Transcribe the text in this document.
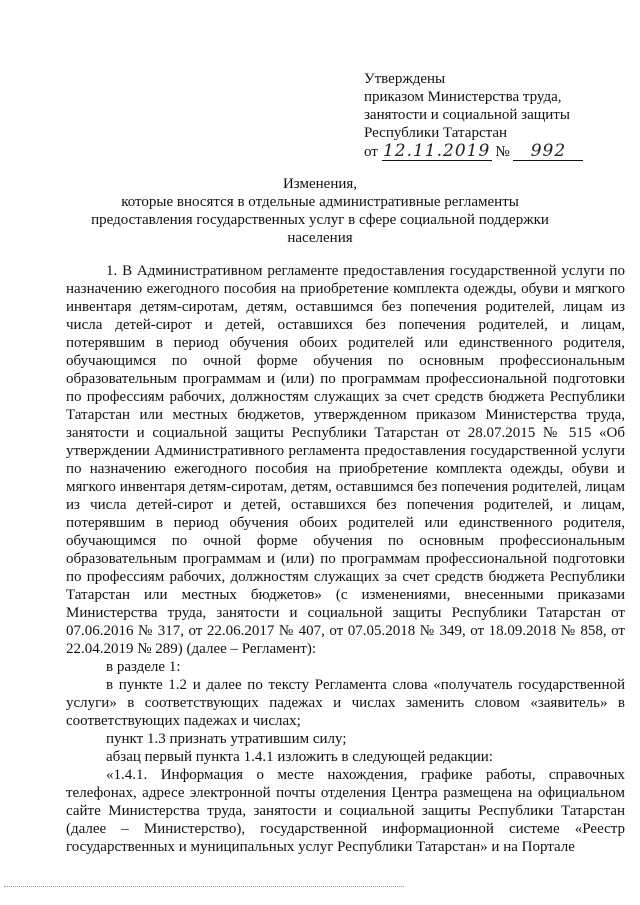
Утверждены
приказом Министерства труда,
занятости и социальной защиты
Республики Татарстан
от 12.11.2019 № 992
Изменения,
которые вносятся в отдельные административные регламенты
предоставления государственных услуг в сфере социальной поддержки
населения

1. В Административном регламенте предоставления государственной услуги по назначению ежегодного пособия на приобретение комплекта одежды, обуви и мягкого инвентаря детям-сиротам, детям, оставшимся без попечения родителей, лицам из числа детей-сирот и детей, оставшихся без попечения родителей, и лицам, потерявшим в период обучения обоих родителей или единственного родителя, обучающимся по очной форме обучения по основным профессиональным образовательным программам и (или) по программам профессиональной подготовки по профессиям рабочих, должностям служащих за счет средств бюджета Республики Татарстан или местных бюджетов, утвержденном приказом Министерства труда, занятости и социальной защиты Республики Татарстан от 28.07.2015 № 515 «Об утверждении Административного регламента предоставления государственной услуги по назначению ежегодного пособия на приобретение комплекта одежды, обуви и мягкого инвентаря детям-сиротам, детям, оставшимся без попечения родителей, лицам из числа детей-сирот и детей, оставшихся без попечения родителей, и лицам, потерявшим в период обучения обоих родителей или единственного родителя, обучающимся по очной форме обучения по основным профессиональным образовательным программам и (или) по программам профессиональной подготовки по профессиям рабочих, должностям служащих за счет средств бюджета Республики Татарстан или местных бюджетов» (с изменениями, внесенными приказами Министерства труда, занятости и социальной защиты Республики Татарстан от 07.06.2016 № 317, от 22.06.2017 № 407, от 07.05.2018 № 349, от 18.09.2018 № 858, от 22.04.2019 № 289) (далее – Регламент):

в разделе 1:

в пункте 1.2 и далее по тексту Регламента слова «получатель государственной услуги» в соответствующих падежах и числах заменить словом «заявитель» в соответствующих падежах и числах;

пункт 1.3 признать утратившим силу;

абзац первый пункта 1.4.1 изложить в следующей редакции:

«1.4.1. Информация о месте нахождения, графике работы, справочных телефонах, адресе электронной почты отделения Центра размещена на официальном сайте Министерства труда, занятости и социальной защиты Республики Татарстан (далее – Министерство), государственной информационной системе «Реестр государственных и муниципальных услуг Республики Татарстан» и на Портале
